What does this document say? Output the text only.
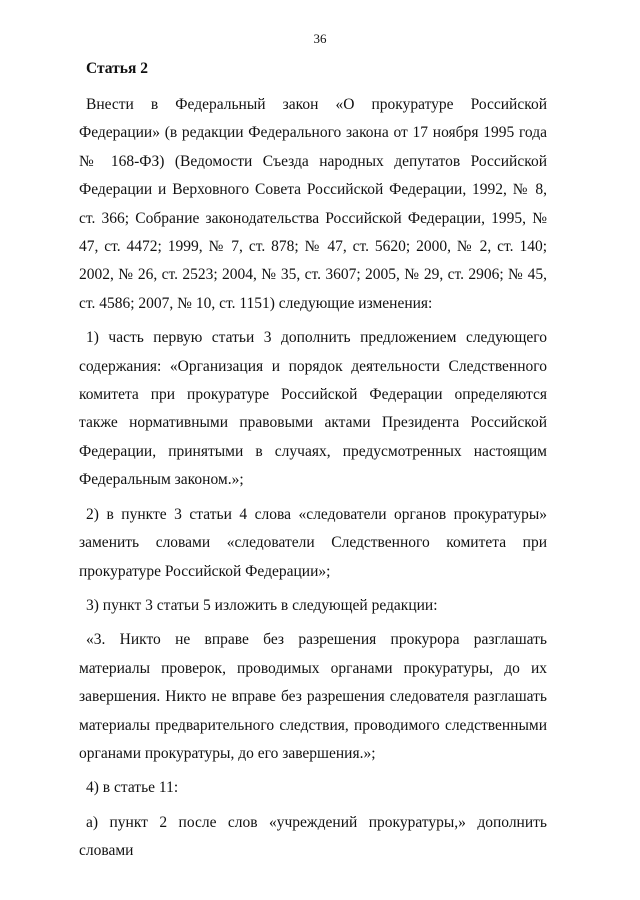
36
Статья 2

Внести в Федеральный закон «О прокуратуре Российской Федерации» (в редакции Федерального закона от 17 ноября 1995 года № 168-ФЗ) (Ведомости Съезда народных депутатов Российской Федерации и Верховного Совета Российской Федерации, 1992, № 8, ст. 366; Собрание законодательства Российской Федерации, 1995, № 47, ст. 4472; 1999, № 7, ст. 878; № 47, ст. 5620; 2000, № 2, ст. 140; 2002, № 26, ст. 2523; 2004, № 35, ст. 3607; 2005, № 29, ст. 2906; № 45, ст. 4586; 2007, № 10, ст. 1151) следующие изменения:

1) часть первую статьи 3 дополнить предложением следующего содержания: «Организация и порядок деятельности Следственного комитета при прокуратуре Российской Федерации определяются также нормативными правовыми актами Президента Российской Федерации, принятыми в случаях, предусмотренных настоящим Федеральным законом.»;

2) в пункте 3 статьи 4 слова «следователи органов прокуратуры» заменить словами «следователи Следственного комитета при прокуратуре Российской Федерации»;

3) пункт 3 статьи 5 изложить в следующей редакции:

«3. Никто не вправе без разрешения прокурора разглашать материалы проверок, проводимых органами прокуратуры, до их завершения. Никто не вправе без разрешения следователя разглашать материалы предварительного следствия, проводимого следственными органами прокуратуры, до его завершения.»;

4) в статье 11:

а) пункт 2 после слов «учреждений прокуратуры,» дополнить словами
